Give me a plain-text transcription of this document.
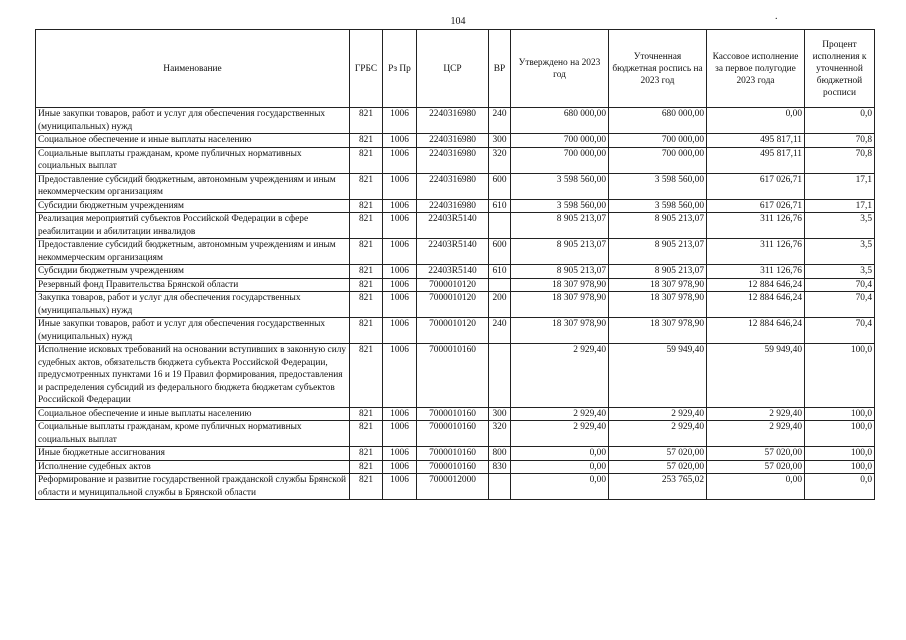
104	.
Наименование	ГРБС	Рз Пр	ЦСР	ВР	Утверждено на 2023 год	Уточненная бюджетная роспись на 2023 год	Кассовое исполнение за первое полугодие 2023 года	Процент исполнения к уточненной бюджетной росписи
Иные закупки товаров, работ и услуг для обеспечения государственных (муниципальных) нужд	821	1006	2240316980	240	680 000,00	680 000,00	0,00	0,0
Социальное обеспечение и иные выплаты населению	821	1006	2240316980	300	700 000,00	700 000,00	495 817,11	70,8
Социальные выплаты гражданам, кроме публичных нормативных социальных выплат	821	1006	2240316980	320	700 000,00	700 000,00	495 817,11	70,8
Предоставление субсидий бюджетным, автономным учреждениям и иным некоммерческим организациям	821	1006	2240316980	600	3 598 560,00	3 598 560,00	617 026,71	17,1
Субсидии бюджетным учреждениям	821	1006	2240316980	610	3 598 560,00	3 598 560,00	617 026,71	17,1
Реализация мероприятий субъектов Российской Федерации в сфере реабилитации и абилитации инвалидов	821	1006	22403R5140		8 905 213,07	8 905 213,07	311 126,76	3,5
Предоставление субсидий бюджетным, автономным учреждениям и иным некоммерческим организациям	821	1006	22403R5140	600	8 905 213,07	8 905 213,07	311 126,76	3,5
Субсидии бюджетным учреждениям	821	1006	22403R5140	610	8 905 213,07	8 905 213,07	311 126,76	3,5
Резервный фонд Правительства Брянской области	821	1006	7000010120		18 307 978,90	18 307 978,90	12 884 646,24	70,4
Закупка товаров, работ и услуг для обеспечения государственных (муниципальных) нужд	821	1006	7000010120	200	18 307 978,90	18 307 978,90	12 884 646,24	70,4
Иные закупки товаров, работ и услуг для обеспечения государственных (муниципальных) нужд	821	1006	7000010120	240	18 307 978,90	18 307 978,90	12 884 646,24	70,4
Исполнение исковых требований на основании вступивших в законную силу судебных актов, обязательств бюджета субъекта Российской Федерации, предусмотренных пунктами 16 и 19 Правил формирования, предоставления и распределения субсидий из федерального бюджета бюджетам субъектов Российской Федерации	821	1006	7000010160		2 929,40	59 949,40	59 949,40	100,0
Социальное обеспечение и иные выплаты населению	821	1006	7000010160	300	2 929,40	2 929,40	2 929,40	100,0
Социальные выплаты гражданам, кроме публичных нормативных социальных выплат	821	1006	7000010160	320	2 929,40	2 929,40	2 929,40	100,0
Иные бюджетные ассигнования	821	1006	7000010160	800	0,00	57 020,00	57 020,00	100,0
Исполнение судебных актов	821	1006	7000010160	830	0,00	57 020,00	57 020,00	100,0
Реформирование и развитие государственной гражданской службы Брянской области и муниципальной службы в Брянской области	821	1006	7000012000		0,00	253 765,02	0,00	0,0
